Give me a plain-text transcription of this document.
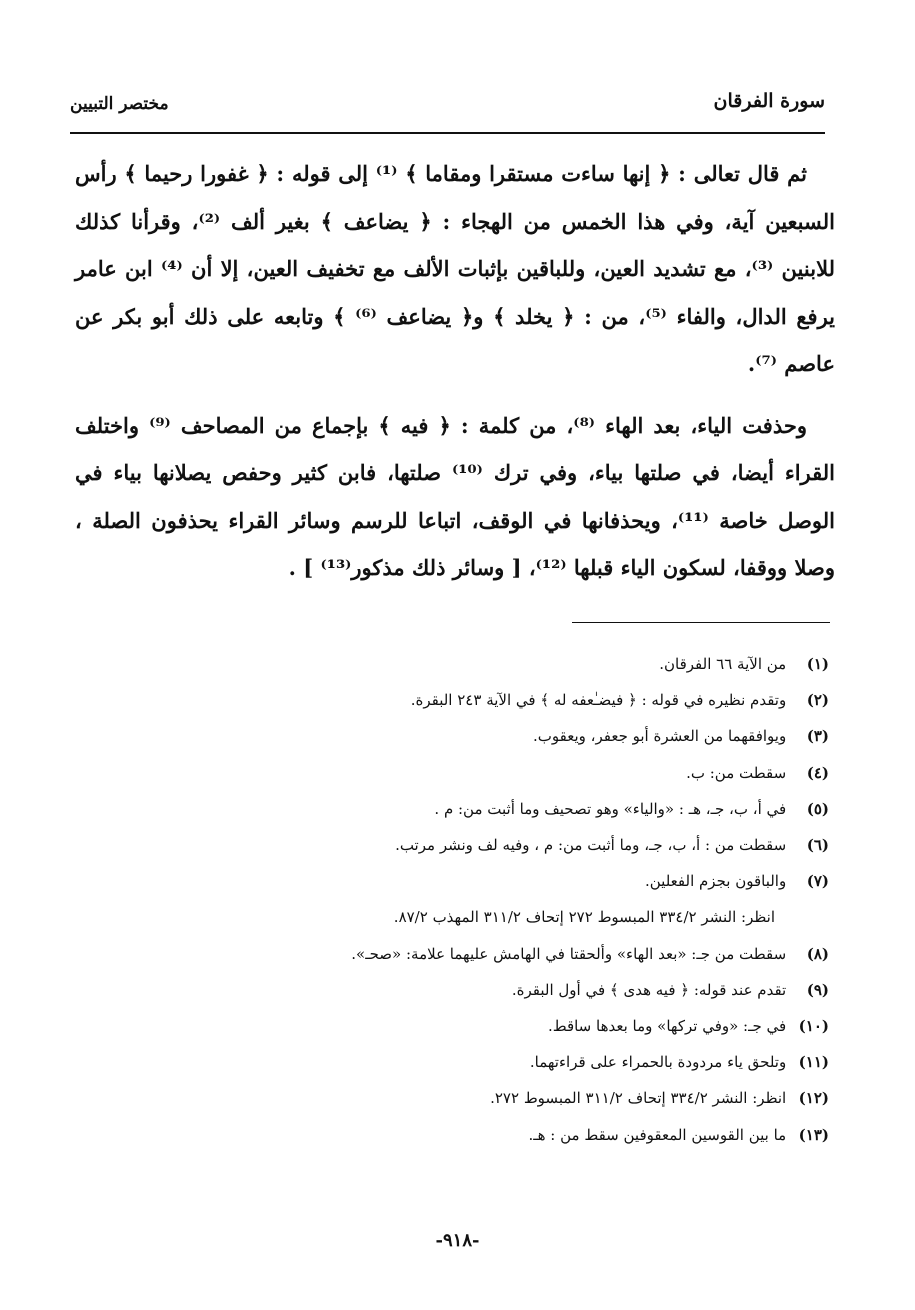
سورة الفرقان
مختصر التبيين

ثم قال تعالى : ﴿ إنها ساءت مستقرا ومقاما ﴾ ⁽¹⁾ إلى قوله : ﴿ غفورا رحيما ﴾ رأس السبعين آية، وفي هذا الخمس من الهجاء : ﴿ يضاعف ﴾ بغير ألف ⁽²⁾، وقرأنا كذلك للابنين ⁽³⁾، مع تشديد العين، وللباقين بإثبات الألف مع تخفيف العين، إلا أن ⁽⁴⁾ ابن عامر يرفع الدال، والفاء ⁽⁵⁾، من : ﴿ يخلد ﴾ و﴿ يضاعف ⁽⁶⁾ ﴾ وتابعه على ذلك أبو بكر عن عاصم ⁽⁷⁾.

وحذفت الياء، بعد الهاء ⁽⁸⁾، من كلمة : ﴿ فيه ﴾ بإجماع من المصاحف ⁽⁹⁾ واختلف القراء أيضا، في صلتها بياء، وفي ترك ⁽¹⁰⁾ صلتها، فابن كثير وحفص يصلانها بياء في الوصل خاصة ⁽¹¹⁾، ويحذفانها في الوقف، اتباعا للرسم وسائر القراء يحذفون الصلة ، وصلا ووقفا، لسكون الياء قبلها ⁽¹²⁾، [ وسائر ذلك مذكور⁽¹³⁾ ] .

(١) من الآية ٦٦ الفرقان.
(٢) وتقدم نظيره في قوله : ﴿ فيضـٰعفه له ﴾ في الآية ٢٤٣ البقرة.
(٣) ويوافقهما من العشرة أبو جعفر، ويعقوب.
(٤) سقطت من: ب.
(٥) في أ، ب، جـ، هـ : «والياء» وهو تصحيف وما أثبت من: م .
(٦) سقطت من : أ، ب، جـ، وما أثبت من: م ، وفيه لف ونشر مرتب.
(٧) والباقون بجزم الفعلين.
انظر: النشر ٣٣٤/٢ المبسوط ٢٧٢ إتحاف ٣١١/٢ المهذب ٨٧/٢.
(٨) سقطت من جـ: «بعد الهاء» وألحقتا في الهامش عليهما علامة: «صحـ».
(٩) تقدم عند قوله: ﴿ فيه هدى ﴾ في أول البقرة.
(١٠) في جـ: «وفي تركها» وما بعدها ساقط.
(١١) وتلحق ياء مردودة بالحمراء على قراءتهما.
(١٢) انظر: النشر ٣٣٤/٢ إتحاف ٣١١/٢ المبسوط ٢٧٢.
(١٣) ما بين القوسين المعقوفين سقط من : هـ.
-٩١٨-
